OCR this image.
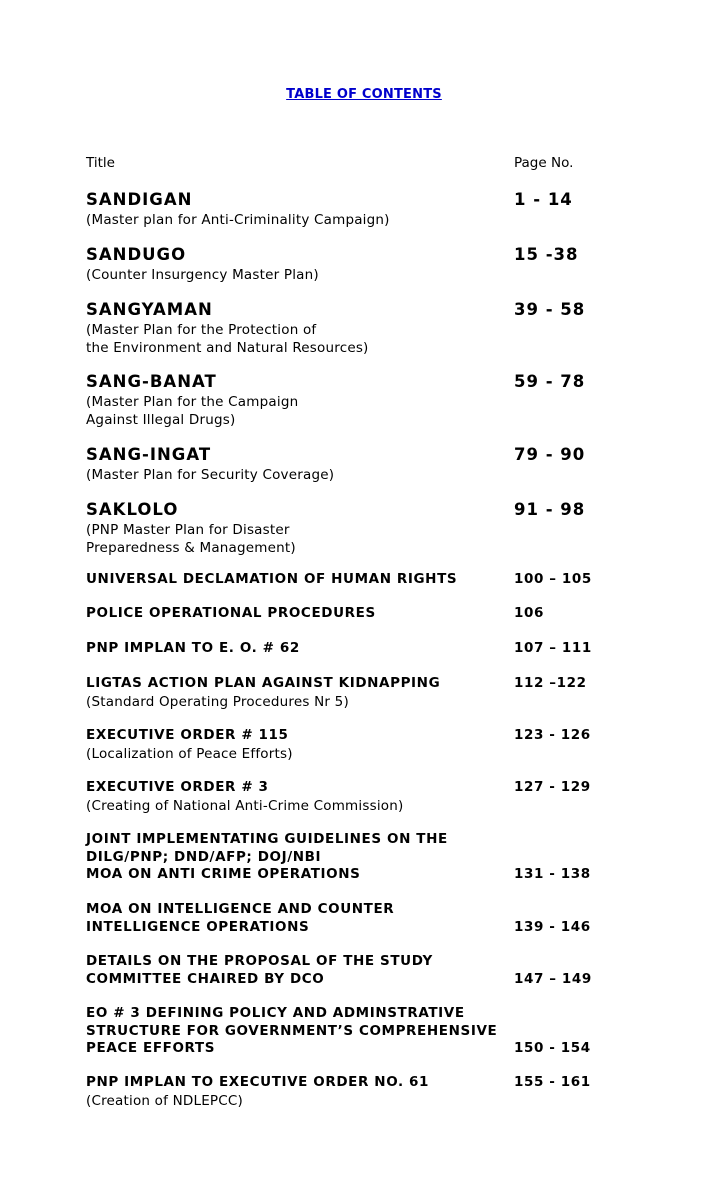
TABLE OF CONTENTS
Title	Page No.
SANDIGAN	1 - 14
(Master plan for Anti-Criminality Campaign)
SANDUGO	15 -38
(Counter Insurgency Master Plan)
SANGYAMAN	39 - 58
(Master Plan for the Protection of
the Environment and Natural Resources)
SANG-BANAT	59 - 78
(Master Plan for the Campaign
Against Illegal Drugs)
SANG-INGAT	79 - 90
(Master Plan for Security Coverage)
SAKLOLO	91 - 98
(PNP Master Plan for Disaster
Preparedness & Management)
UNIVERSAL DECLAMATION OF HUMAN RIGHTS	100 – 105
POLICE OPERATIONAL PROCEDURES	106
PNP IMPLAN TO E. O. # 62	107 – 111
LIGTAS ACTION PLAN AGAINST KIDNAPPING	112 –122
(Standard Operating Procedures Nr 5)
EXECUTIVE ORDER # 115	123 - 126
(Localization of Peace Efforts)
EXECUTIVE ORDER # 3	127 - 129
(Creating of National Anti-Crime Commission)
JOINT IMPLEMENTATING GUIDELINES ON THE
DILG/PNP; DND/AFP; DOJ/NBI
MOA ON ANTI CRIME OPERATIONS	131 - 138
MOA ON INTELLIGENCE AND COUNTER
INTELLIGENCE OPERATIONS	139 - 146
DETAILS ON THE PROPOSAL OF THE STUDY
COMMITTEE CHAIRED BY DCO	147 – 149
EO # 3 DEFINING POLICY AND ADMINSTRATIVE
STRUCTURE FOR GOVERNMENT’S COMPREHENSIVE
PEACE EFFORTS	150 - 154
PNP IMPLAN TO EXECUTIVE ORDER NO. 61	155 - 161
(Creation of NDLEPCC)
